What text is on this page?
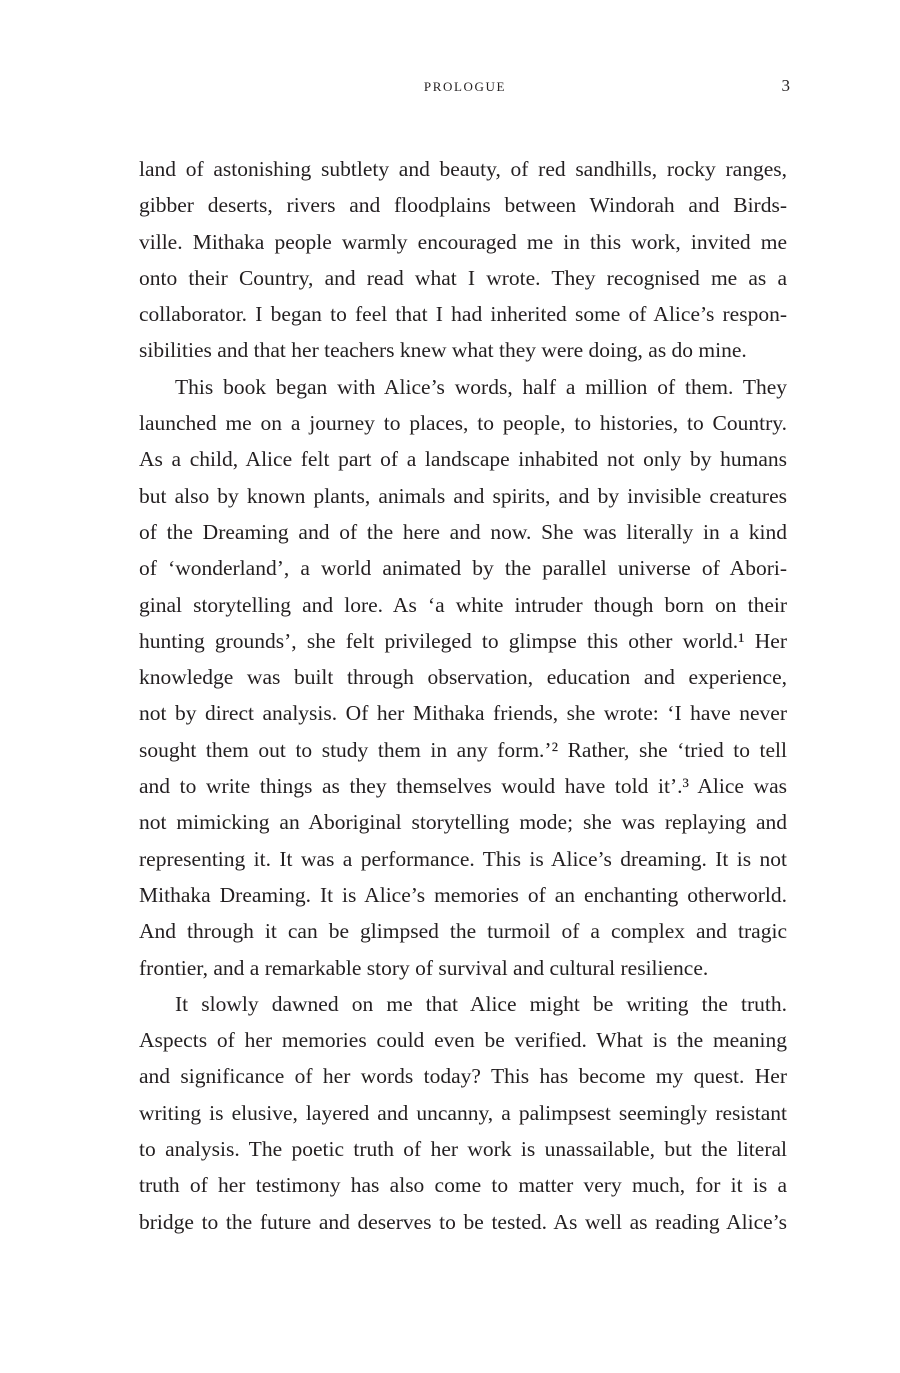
PROLOGUE	3
land of astonishing subtlety and beauty, of red sandhills, rocky ranges,
gibber deserts, rivers and floodplains between Windorah and Birds-
ville. Mithaka people warmly encouraged me in this work, invited me
onto their Country, and read what I wrote. They recognised me as a
collaborator. I began to feel that I had inherited some of Alice’s respon-
sibilities and that her teachers knew what they were doing, as do mine.
This book began with Alice’s words, half a million of them. They
launched me on a journey to places, to people, to histories, to Country.
As a child, Alice felt part of a landscape inhabited not only by humans
but also by known plants, animals and spirits, and by invisible creatures
of the Dreaming and of the here and now. She was literally in a kind
of ‘wonderland’, a world animated by the parallel universe of Abori-
ginal storytelling and lore. As ‘a white intruder though born on their
hunting grounds’, she felt privileged to glimpse this other world.¹ Her
knowledge was built through observation, education and experience,
not by direct analysis. Of her Mithaka friends, she wrote: ‘I have never
sought them out to study them in any form.’² Rather, she ‘tried to tell
and to write things as they themselves would have told it’.³ Alice was
not mimicking an Aboriginal storytelling mode; she was replaying and
representing it. It was a performance. This is Alice’s dreaming. It is not
Mithaka Dreaming. It is Alice’s memories of an enchanting otherworld.
And through it can be glimpsed the turmoil of a complex and tragic
frontier, and a remarkable story of survival and cultural resilience.
It slowly dawned on me that Alice might be writing the truth.
Aspects of her memories could even be verified. What is the meaning
and significance of her words today? This has become my quest. Her
writing is elusive, layered and uncanny, a palimpsest seemingly resistant
to analysis. The poetic truth of her work is unassailable, but the literal
truth of her testimony has also come to matter very much, for it is a
bridge to the future and deserves to be tested. As well as reading Alice’s
